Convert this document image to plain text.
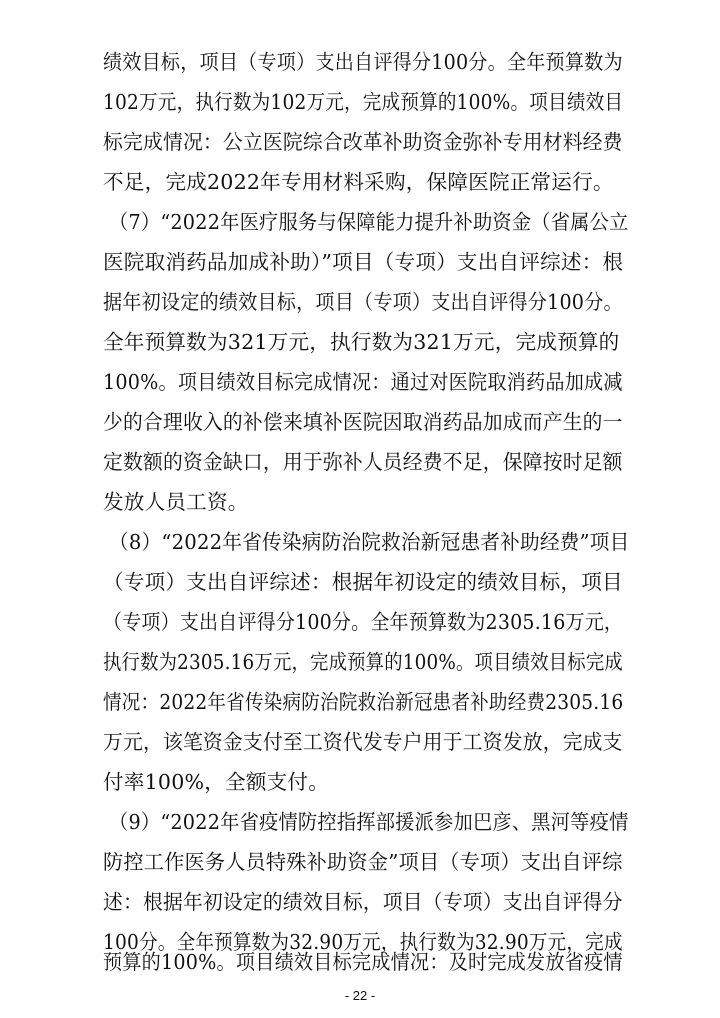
绩效目标，项目（专项）支出自评得分100分。全年预算数为
102万元，执行数为102万元，完成预算的100%。项目绩效目
标完成情况：公立医院综合改革补助资金弥补专用材料经费
不足，完成2022年专用材料采购，保障医院正常运行。
（7）“2022年医疗服务与保障能力提升补助资金（省属公立
医院取消药品加成补助）”项目（专项）支出自评综述：根
据年初设定的绩效目标，项目（专项）支出自评得分100分。
全年预算数为321万元，执行数为321万元，完成预算的
100%。项目绩效目标完成情况：通过对医院取消药品加成减
少的合理收入的补偿来填补医院因取消药品加成而产生的一
定数额的资金缺口，用于弥补人员经费不足，保障按时足额
发放人员工资。
（8）“2022年省传染病防治院救治新冠患者补助经费”项目
（专项）支出自评综述：根据年初设定的绩效目标，项目
（专项）支出自评得分100分。全年预算数为2305.16万元，
执行数为2305.16万元，完成预算的100%。项目绩效目标完成
情况：2022年省传染病防治院救治新冠患者补助经费2305.16
万元，该笔资金支付至工资代发专户用于工资发放，完成支
付率100%，全额支付。
（9）“2022年省疫情防控指挥部援派参加巴彦、黑河等疫情
防控工作医务人员特殊补助资金”项目（专项）支出自评综
述：根据年初设定的绩效目标，项目（专项）支出自评得分
100分。全年预算数为32.90万元，执行数为32.90万元，完成
预算的100%。项目绩效目标完成情况：及时完成发放省疫情
- 22 -
